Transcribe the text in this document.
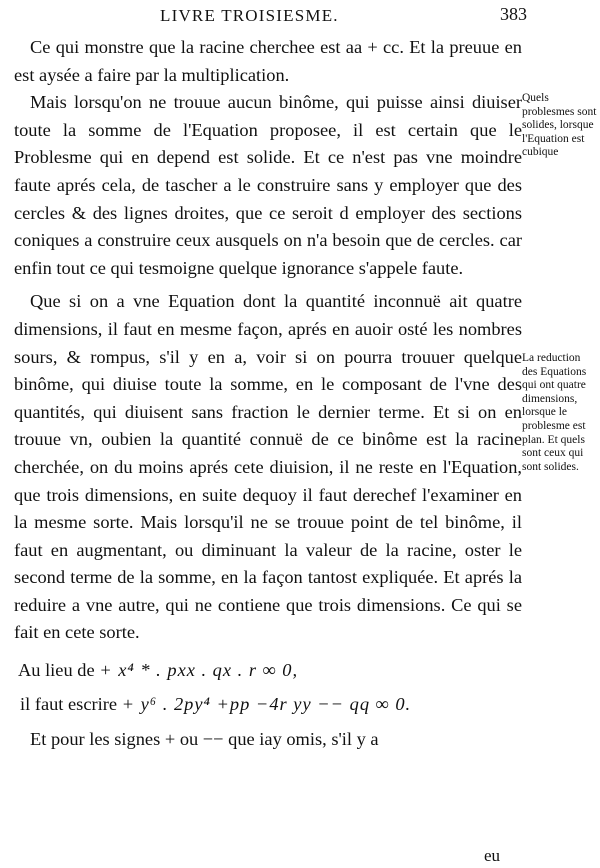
LIVRE TROISIESME.	383

Ce qui monstre que la racine cherchee est aa + cc. Et la preuue en est aysée a faire par la multiplication.

Mais lorsqu'on ne trouue aucun binôme, qui puisse ainsi diuiser toute la somme de l'Equation proposee, il est certain que le Problesme qui en depend est solide. Et ce n'est pas vne moindre faute aprés cela, de tascher a le construire sans y employer que des cercles & des lignes droites, que ce seroit d employer des sections coniques a construire ceux ausquels on n'a besoin que de cercles. car enfin tout ce qui tesmoigne quelque ignorance s'appele faute.

Que si on a vne Equation dont la quantité inconnuë ait quatre dimensions, il faut en mesme façon, aprés en auoir osté les nombres sours, & rompus, s'il y en a, voir si on pourra trouuer quelque binôme, qui diuise toute la somme, en le composant de l'vne des quantités, qui diuisent sans fraction le dernier terme. Et si on en trouue vn, oubien la quantité connuë de ce binôme est la racine cherchée, on du moins aprés cete diuision, il ne reste en l'Equation, que trois dimensions, en suite dequoy il faut derechef l'examiner en la mesme sorte. Mais lorsqu'il ne se trouue point de tel binôme, il faut en augmentant, ou diminuant la valeur de la racine, oster le second terme de la somme, en la façon tantost expliquée. Et aprés la reduire a vne autre, qui ne contiene que trois dimensions. Ce qui se fait en cete sorte.

Au lieu de + x⁴ * . pxx . qx . r ∞ 0,

il faut escrire + y⁶ . 2py⁴ +pp −4r yy −− qq ∞ 0.

Et pour les signes + ou −− que iay omis, s'il y a

eu
Quels problesmes sont solides, lorsque l'Equation est cubique
La reduction des Equations qui ont quatre dimensions, lorsque le problesme est plan. Et quels sont ceux qui sont solides.
